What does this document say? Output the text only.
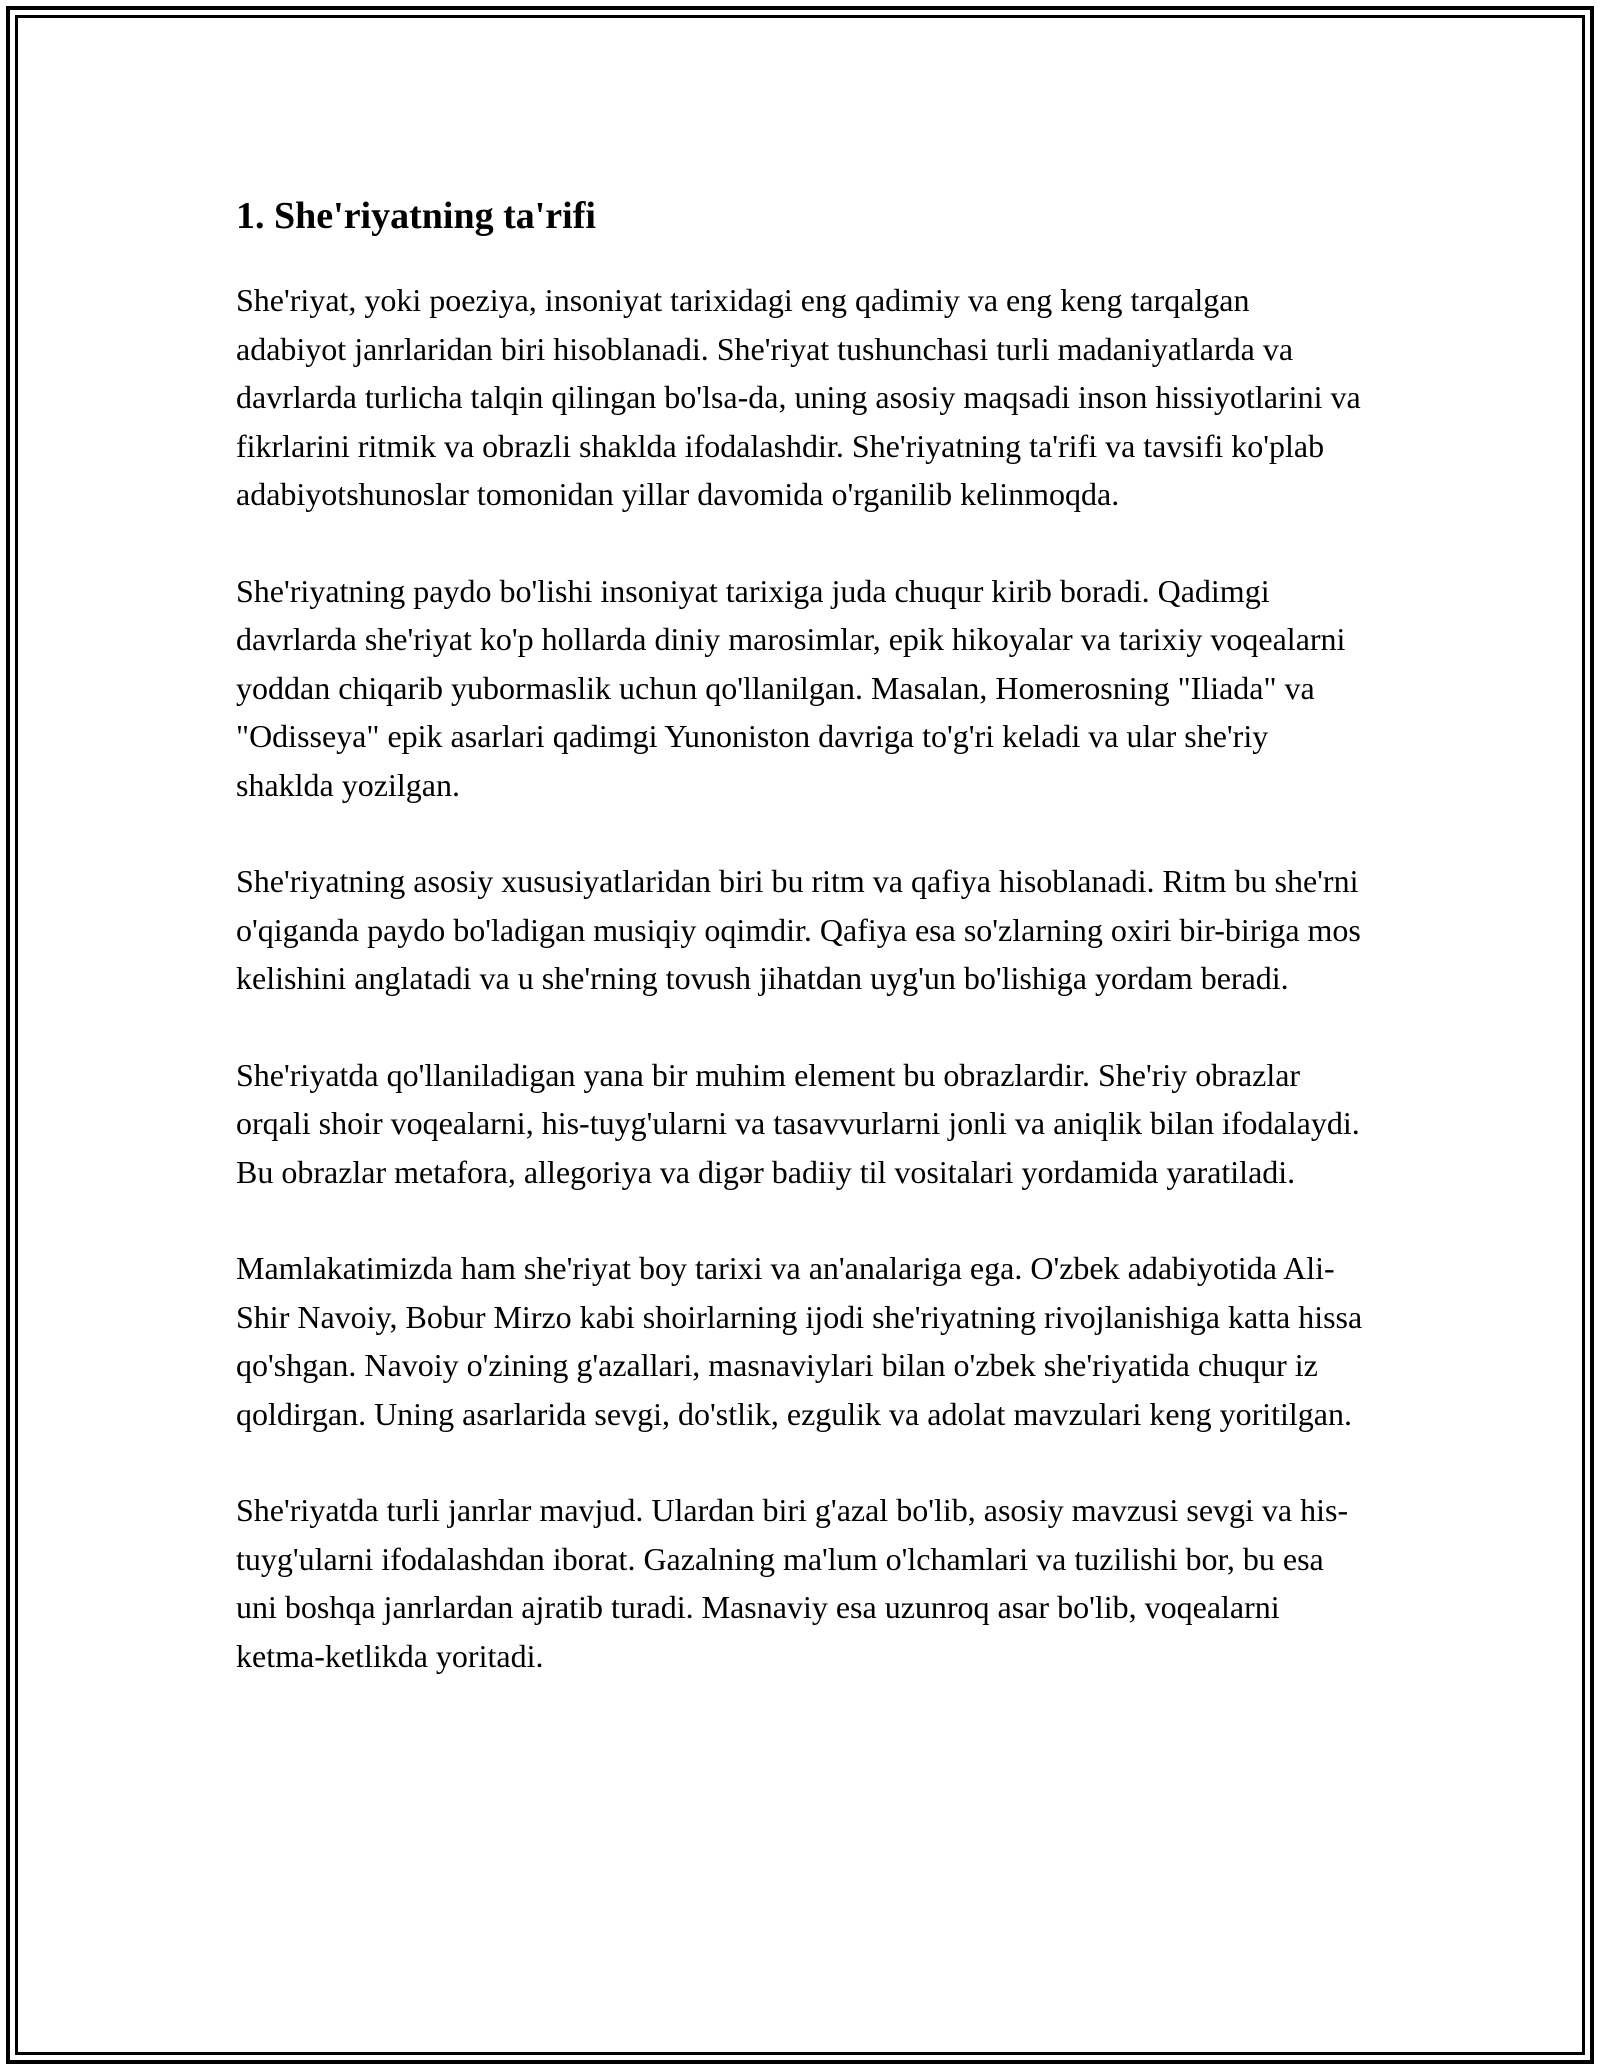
1. She'riyatning ta'rifi

She'riyat, yoki poeziya, insoniyat tarixidagi eng qadimiy va eng keng tarqalgan adabiyot janrlaridan biri hisoblanadi. She'riyat tushunchasi turli madaniyatlarda va davrlarda turlicha talqin qilingan bo'lsa-da, uning asosiy maqsadi inson hissiyotlarini va fikrlarini ritmik va obrazli shaklda ifodalashdir. She'riyatning ta'rifi va tavsifi ko'plab adabiyotshunoslar tomonidan yillar davomida o'rganilib kelinmoqda.

She'riyatning paydo bo'lishi insoniyat tarixiga juda chuqur kirib boradi. Qadimgi davrlarda she'riyat ko'p hollarda diniy marosimlar, epik hikoyalar va tarixiy voqealarni yoddan chiqarib yubormaslik uchun qo'llanilgan. Masalan, Homerosning "Iliada" va "Odisseya" epik asarlari qadimgi Yunoniston davriga to'g'ri keladi va ular she'riy shaklda yozilgan.

She'riyatning asosiy xususiyatlaridan biri bu ritm va qafiya hisoblanadi. Ritm bu she'rni o'qiganda paydo bo'ladigan musiqiy oqimdir. Qafiya esa so'zlarning oxiri bir-biriga mos kelishini anglatadi va u she'rning tovush jihatdan uyg'un bo'lishiga yordam beradi.

She'riyatda qo'llaniladigan yana bir muhim element bu obrazlardir. She'riy obrazlar orqali shoir voqealarni, his-tuyg'ularni va tasavvurlarni jonli va aniqlik bilan ifodalaydi. Bu obrazlar metafora, allegoriya va digər badiiy til vositalari yordamida yaratiladi.

Mamlakatimizda ham she'riyat boy tarixi va an'analariga ega. O'zbek adabiyotida Ali-Shir Navoiy, Bobur Mirzo kabi shoirlarning ijodi she'riyatning rivojlanishiga katta hissa qo'shgan. Navoiy o'zining g'azallari, masnaviylari bilan o'zbek she'riyatida chuqur iz qoldirgan. Uning asarlarida sevgi, do'stlik, ezgulik va adolat mavzulari keng yoritilgan.

She'riyatda turli janrlar mavjud. Ulardan biri g'azal bo'lib, asosiy mavzusi sevgi va his-tuyg'ularni ifodalashdan iborat. Gazalning ma'lum o'lchamlari va tuzilishi bor, bu esa uni boshqa janrlardan ajratib turadi. Masnaviy esa uzunroq asar bo'lib, voqealarni ketma-ketlikda yoritadi.
